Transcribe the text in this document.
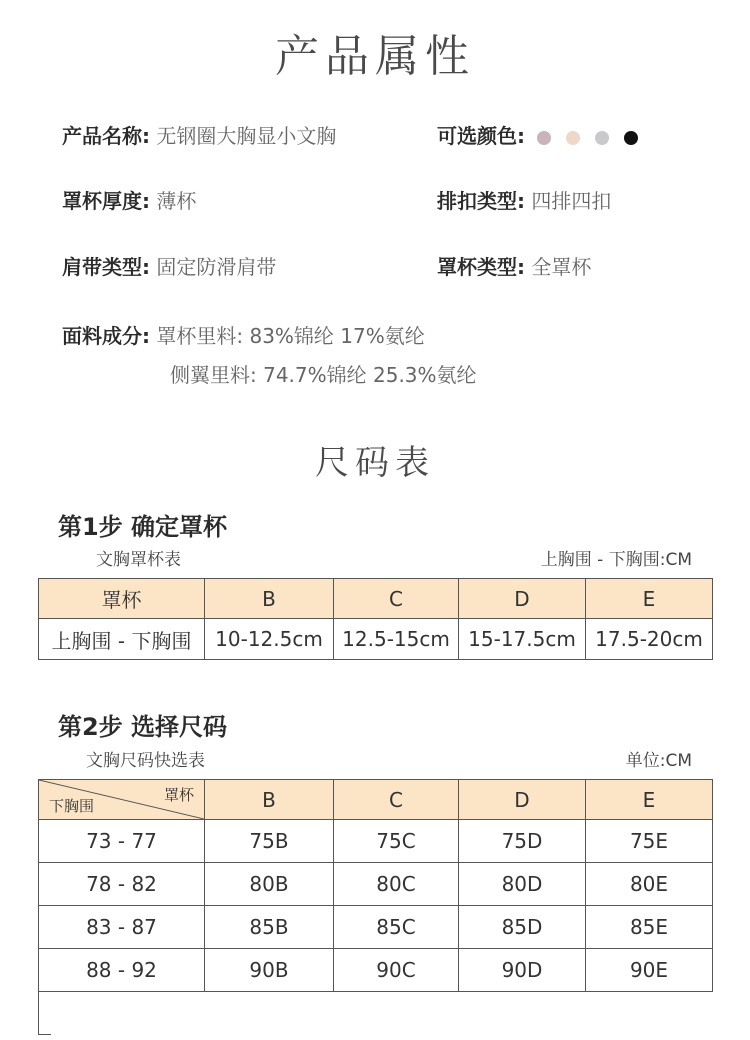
产品属性
产品名称: 无钢圈大胸显小文胸	可选颜色:
罩杯厚度: 薄杯	排扣类型: 四排四扣
肩带类型: 固定防滑肩带	罩杯类型: 全罩杯
面料成分: 罩杯里料: 83%锦纶 17%氨纶
侧翼里料: 74.7%锦纶 25.3%氨纶
尺码表
第1步 确定罩杯
文胸罩杯表	上胸围 - 下胸围:CM
罩杯	B	C	D	E
上胸围 - 下胸围	10-12.5cm	12.5-15cm	15-17.5cm	17.5-20cm
第2步 选择尺码
文胸尺码快选表	单位:CM
罩杯
下胸围	B	C	D	E
73 - 77	75B	75C	75D	75E
78 - 82	80B	80C	80D	80E
83 - 87	85B	85C	85D	85E
88 - 92	90B	90C	90D	90E
